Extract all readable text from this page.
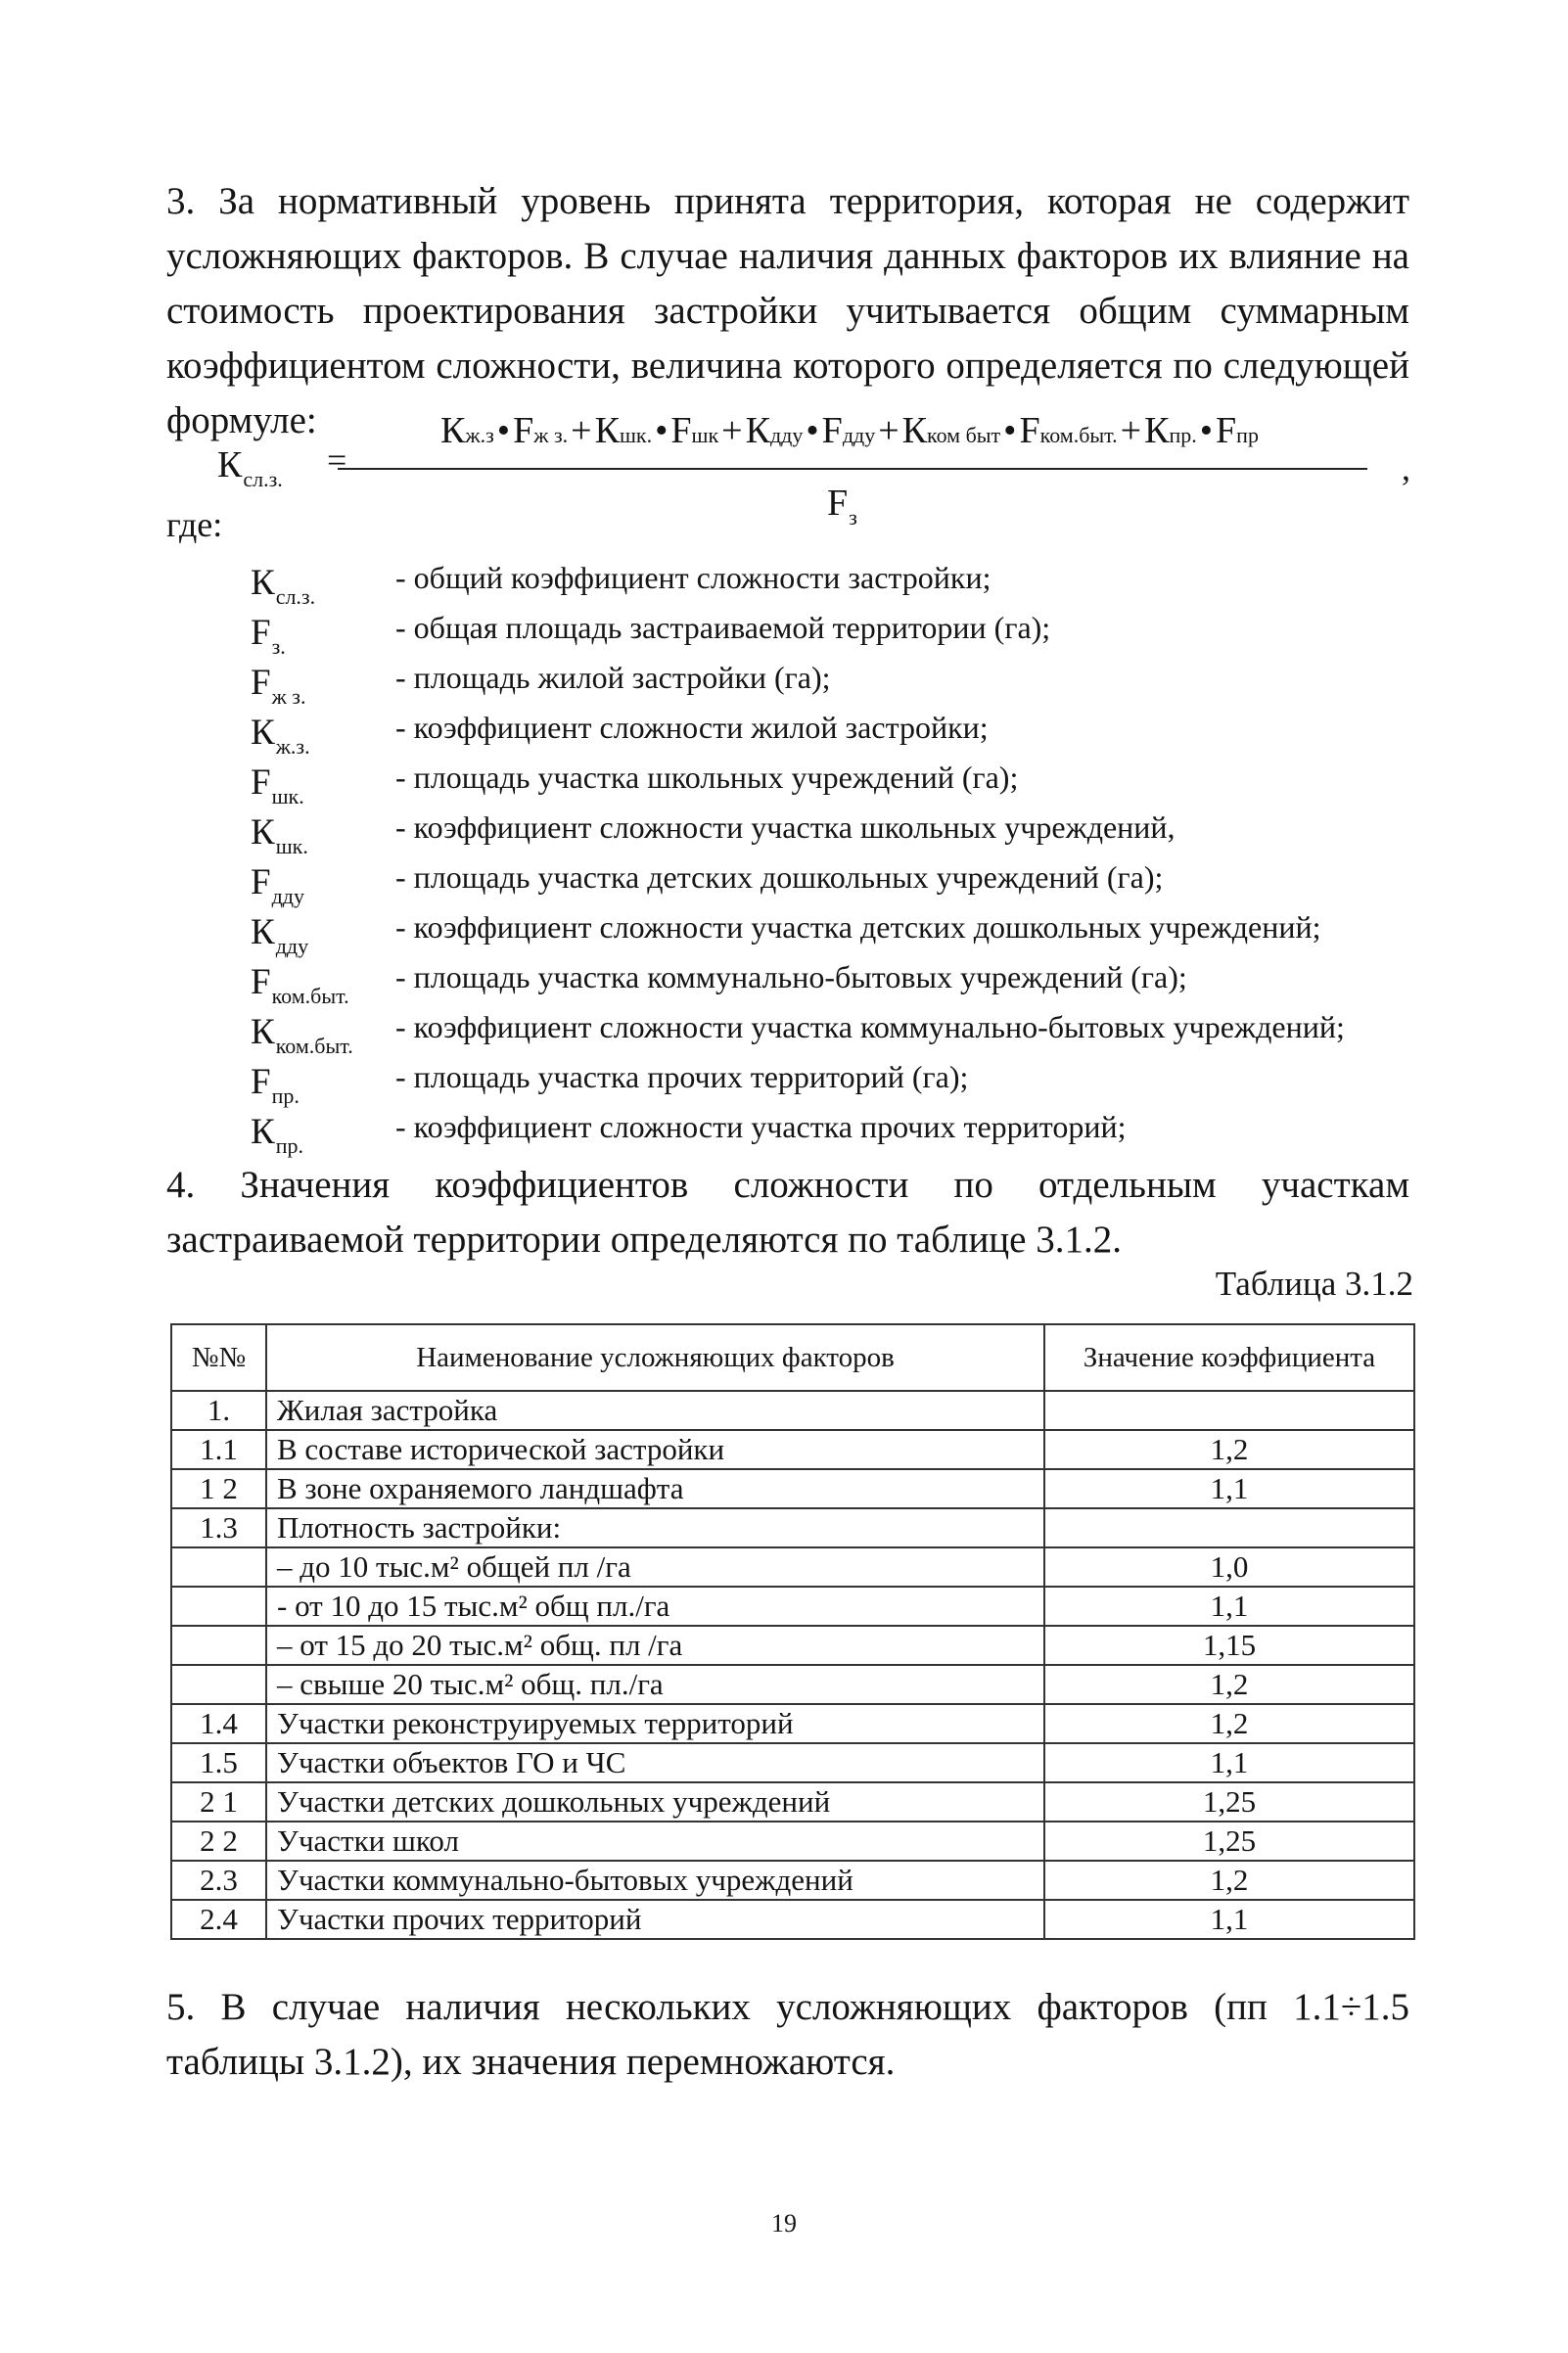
3. За нормативный уровень принята территория, которая не содержит усложняющих факторов. В случае наличия данных факторов их влияние на стоимость проектирования застройки учитывается общим суммарным коэффициентом сложности, величина которого определяется по следующей формуле:

$К_{сл.з.}$ =
Кж.з•Fж з.+Кшк.•Fшк+Кдду•Fдду+Кком быт•Fком.быт.+Кпр.•Fпр
$F_з$
,
где:
$К_{сл.з.}$
- общий коэффициент сложности застройки;
$F_{з.}$
- общая площадь застраиваемой территории (га);
$F_{ж з.}$
- площадь жилой застройки (га);
$К_{ж.з.}$
- коэффициент сложности жилой застройки;
$F_{шк.}$
- площадь участка школьных учреждений (га);
$К_{шк.}$
- коэффициент сложности участка школьных учреждений,
$F_{дду}$
- площадь участка детских дошкольных учреждений (га);
$К_{дду}$
- коэффициент сложности участка детских дошкольных учреждений;
$F_{ком.быт.}$
- площадь участка коммунально-бытовых учреждений (га);
$К_{ком.быт.}$
- коэффициент сложности участка коммунально-бытовых учреждений;
$F_{пр.}$
- площадь участка прочих территорий (га);
$К_{пр.}$
- коэффициент сложности участка прочих территорий;

4. Значения коэффициентов сложности по отдельным участкам застраиваемой территории определяются по таблице 3.1.2.

Таблица 3.1.2
№№	Наименование усложняющих факторов	Значение коэффициента
1.	Жилая застройка	
1.1	В составе исторической застройки	1,2
1 2	В зоне охраняемого ландшафта	1,1
1.3	Плотность застройки:	
	– до 10 тыс.м² общей пл /га	1,0
	- от 10 до 15 тыс.м² общ пл./га	1,1
	– от 15 до 20 тыс.м² общ. пл /га	1,15
	– свыше 20 тыс.м² общ. пл./га	1,2
1.4	Участки реконструируемых территорий	1,2
1.5	Участки объектов ГО и ЧС	1,1
2 1	Участки детских дошкольных учреждений	1,25
2 2	Участки школ	1,25
2.3	Участки коммунально-бытовых учреждений	1,2
2.4	Участки прочих территорий	1,1

5. В случае наличия нескольких усложняющих факторов (пп 1.1÷1.5 таблицы 3.1.2), их значения перемножаются.

19
